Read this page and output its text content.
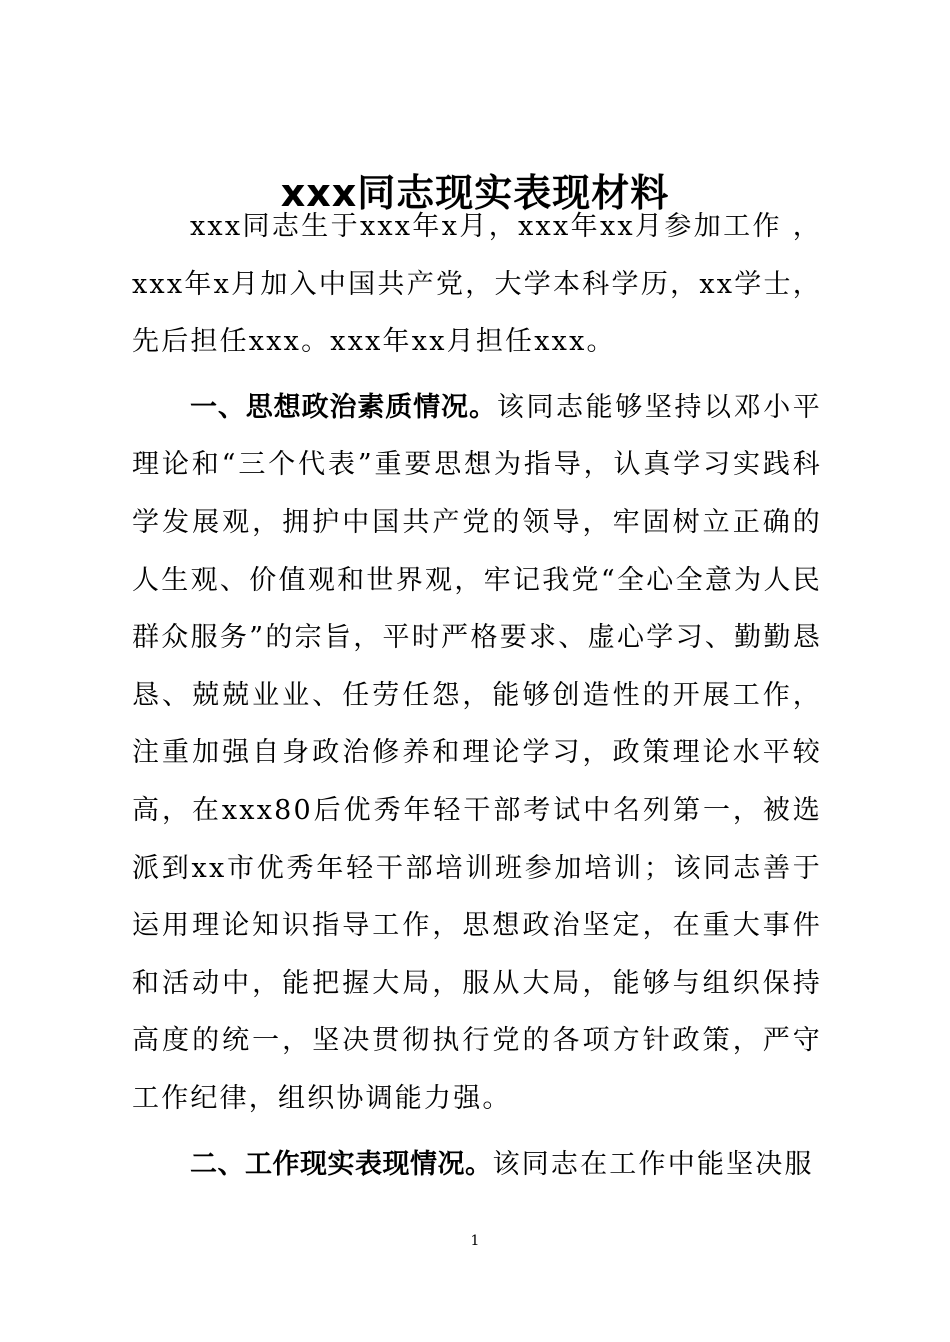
xxx同志现实表现材料

xxx同志生于xxx年x月，xxx年xx月参加工作 ，xxx年x月加入中国共产党，大学本科学历，xx学士，先后担任xxx。xxx年xx月担任xxx。

一、思想政治素质情况。该同志能够坚持以邓小平理论和“三个代表”重要思想为指导，认真学习实践科学发展观，拥护中国共产党的领导，牢固树立正确的人生观、价值观和世界观，牢记我党“全心全意为人民群众服务”的宗旨，平时严格要求、虚心学习、勤勤恳恳、兢兢业业、任劳任怨，能够创造性的开展工作，注重加强自身政治修养和理论学习，政策理论水平较高，在xxx80后优秀年轻干部考试中名列第一，被选派到xx市优秀年轻干部培训班参加培训；该同志善于运用理论知识指导工作，思想政治坚定，在重大事件和活动中，能把握大局，服从大局，能够与组织保持高度的统一，坚决贯彻执行党的各项方针政策，严守工作纪律，组织协调能力强。

二、工作现实表现情况。该同志在工作中能坚决服

1
